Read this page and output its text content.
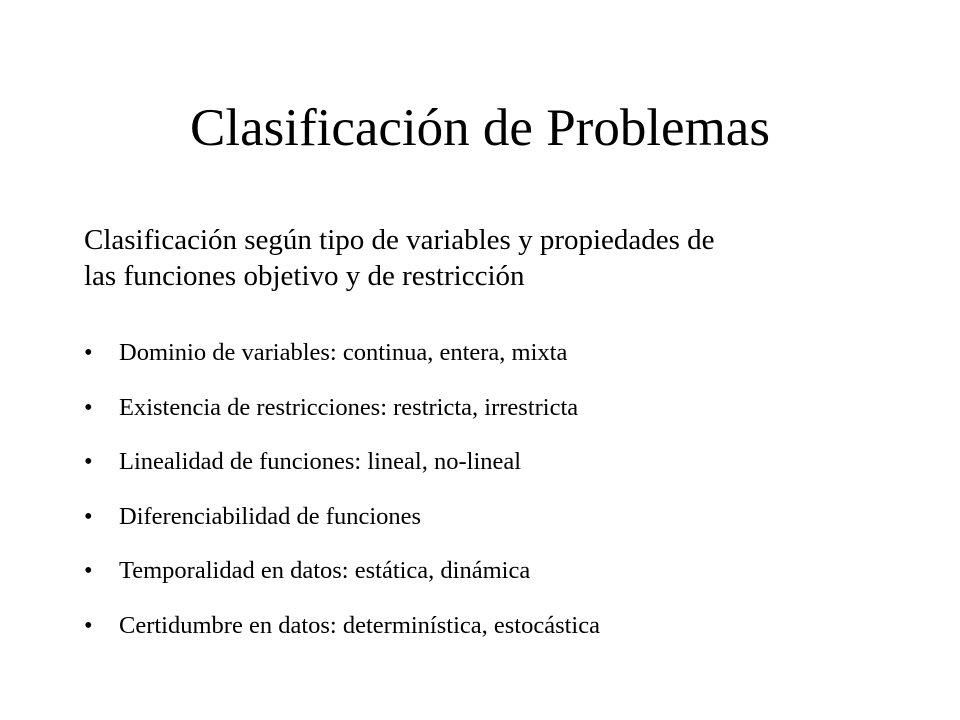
Clasificación de Problemas

Clasificación según tipo de variables y propiedades de
las funciones objetivo y de restricción

•	Dominio de variables: continua, entera, mixta
•	Existencia de restricciones: restricta, irrestricta
•	Linealidad de funciones: lineal, no-lineal
•	Diferenciabilidad de funciones
•	Temporalidad en datos: estática, dinámica
•	Certidumbre en datos: determinística, estocástica
